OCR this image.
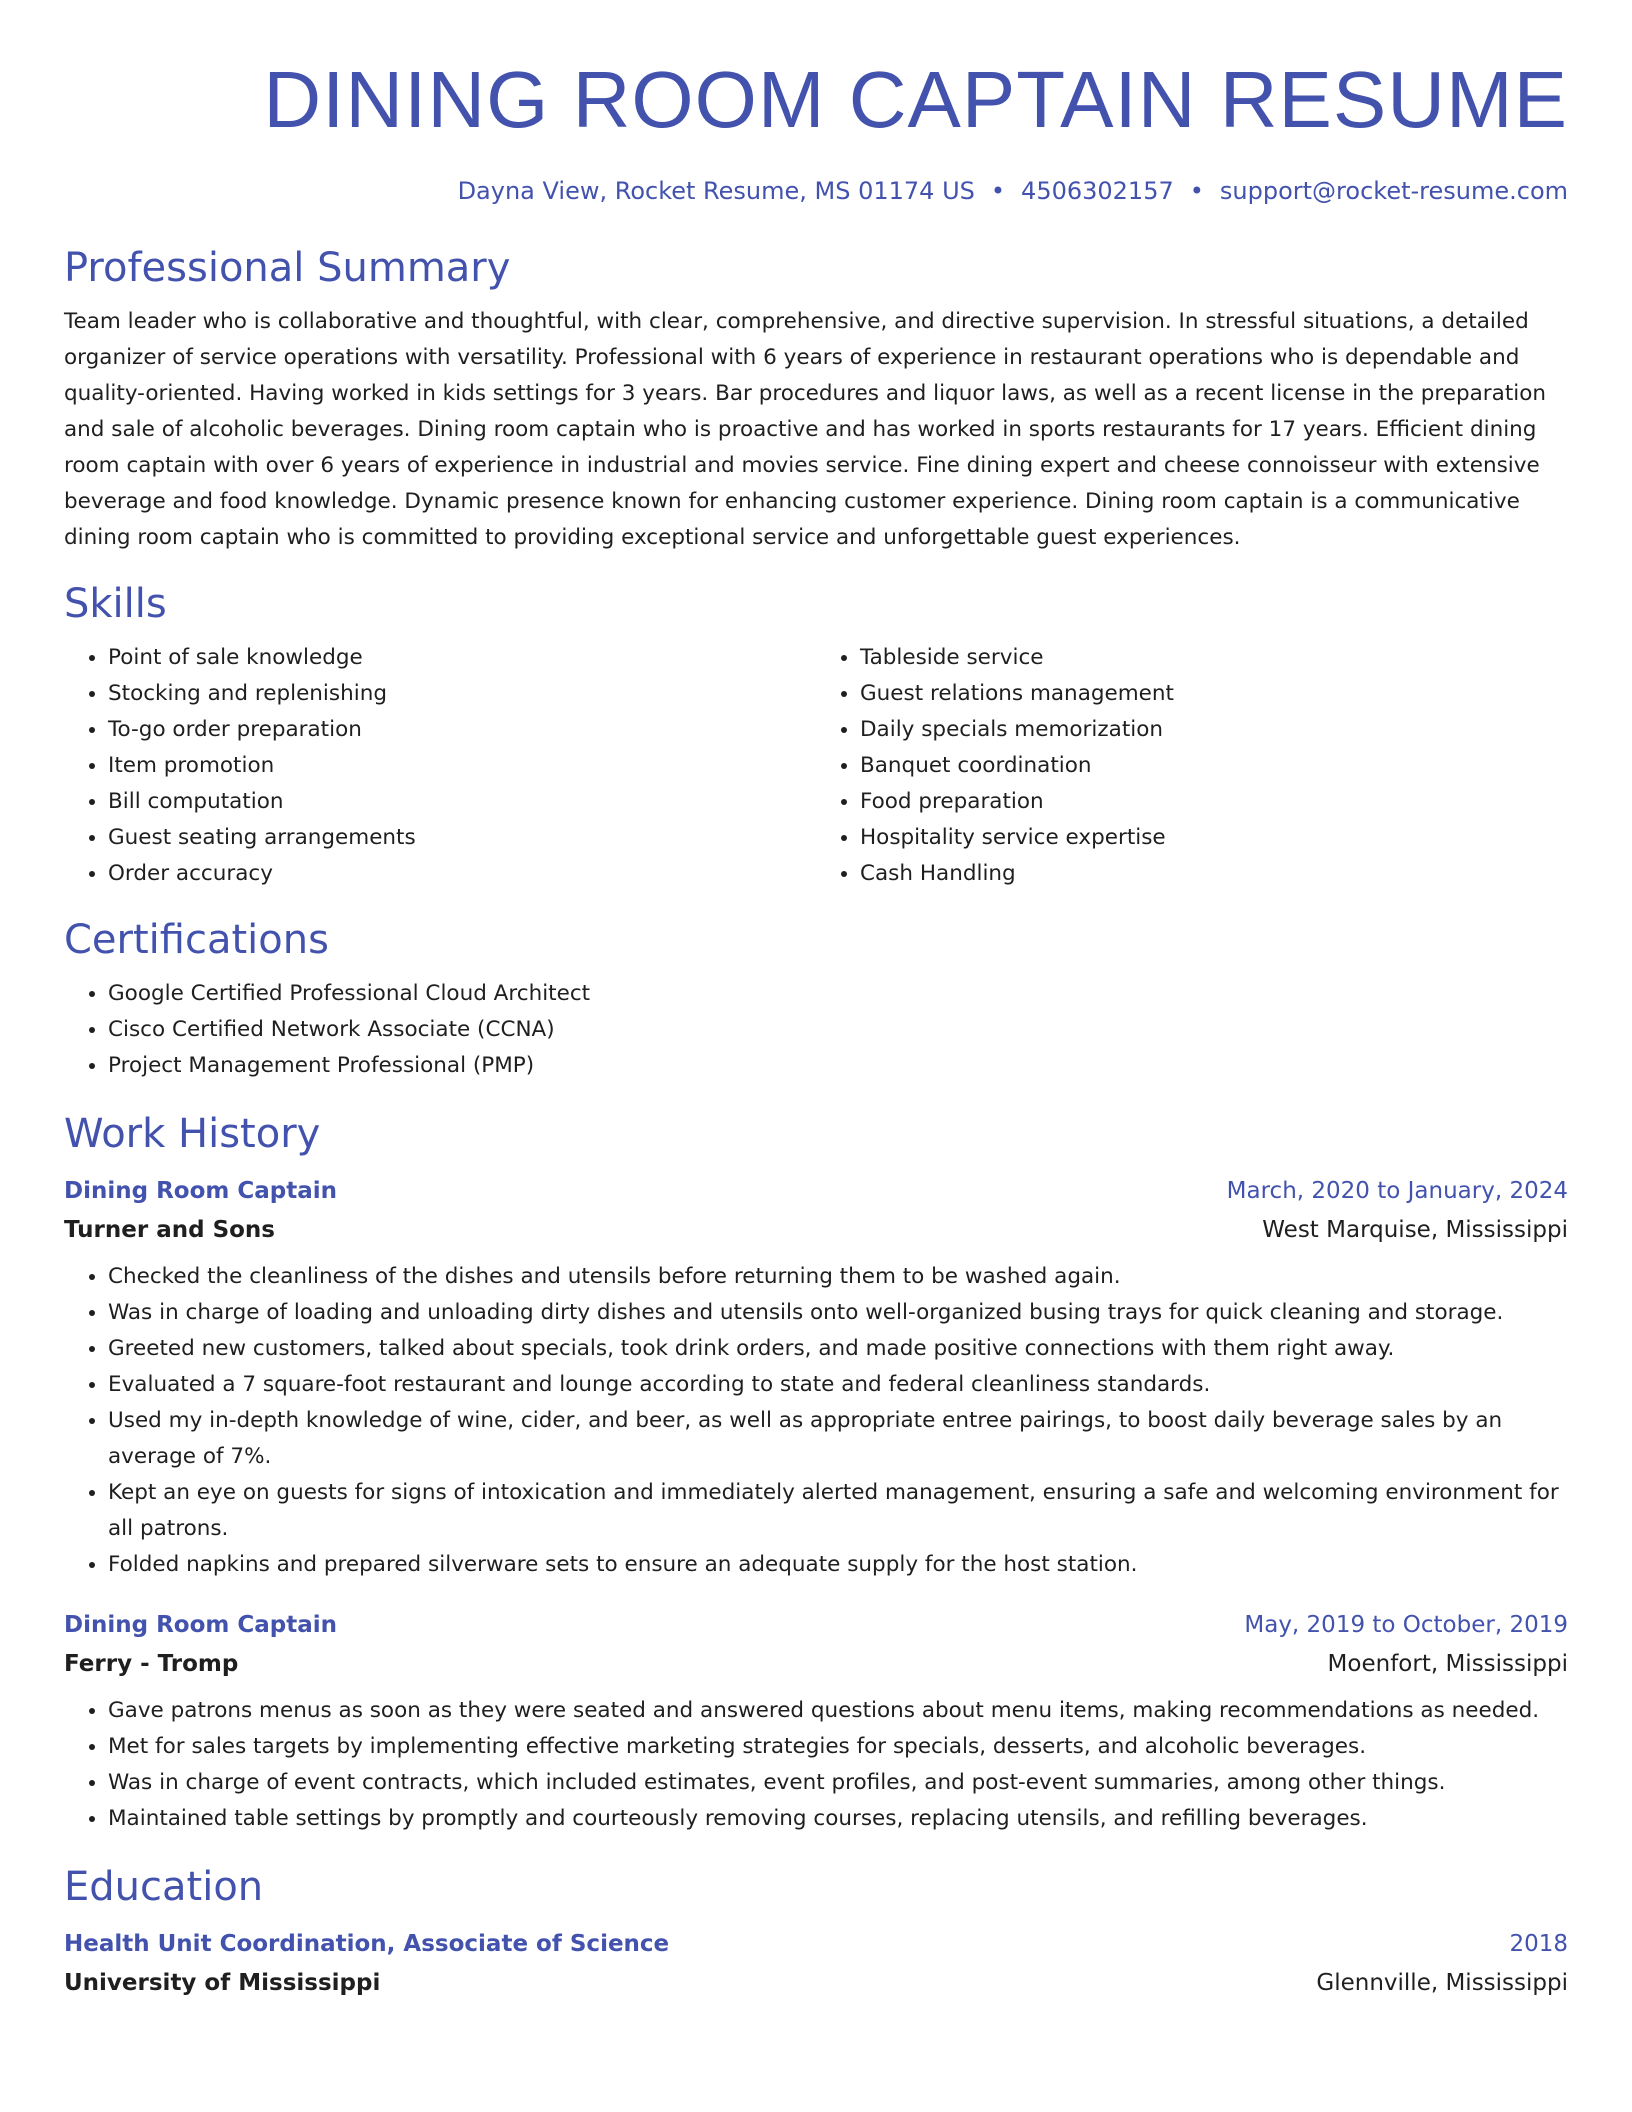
DINING ROOM CAPTAIN RESUME
Dayna View, Rocket Resume, MS 01174 US • 4506302157 • support@rocket-resume.com
Professional Summary

Team leader who is collaborative and thoughtful, with clear, comprehensive, and directive supervision. In stressful situations, a detailed organizer of service operations with versatility. Professional with 6 years of experience in restaurant operations who is dependable and quality-oriented. Having worked in kids settings for 3 years. Bar procedures and liquor laws, as well as a recent license in the preparation and sale of alcoholic beverages. Dining room captain who is proactive and has worked in sports restaurants for 17 years. Efficient dining room captain with over 6 years of experience in industrial and movies service. Fine dining expert and cheese connoisseur with extensive beverage and food knowledge. Dynamic presence known for enhancing customer experience. Dining room captain is a communicative dining room captain who is committed to providing exceptional service and unforgettable guest experiences.

Skills
• Point of sale knowledge
• Stocking and replenishing
• To-go order preparation
• Item promotion
• Bill computation
• Guest seating arrangements
• Order accuracy
• Tableside service
• Guest relations management
• Daily specials memorization
• Banquet coordination
• Food preparation
• Hospitality service expertise
• Cash Handling
Certifications
• Google Certified Professional Cloud Architect
• Cisco Certified Network Associate (CCNA)
• Project Management Professional (PMP)
Work History
Dining Room Captain	March, 2020 to January, 2024
Turner and Sons	West Marquise, Mississippi
• Checked the cleanliness of the dishes and utensils before returning them to be washed again.
• Was in charge of loading and unloading dirty dishes and utensils onto well-organized busing trays for quick cleaning and storage.
• Greeted new customers, talked about specials, took drink orders, and made positive connections with them right away.
• Evaluated a 7 square-foot restaurant and lounge according to state and federal cleanliness standards.
• Used my in-depth knowledge of wine, cider, and beer, as well as appropriate entree pairings, to boost daily beverage sales by an average of 7%.
• Kept an eye on guests for signs of intoxication and immediately alerted management, ensuring a safe and welcoming environment for all patrons.
• Folded napkins and prepared silverware sets to ensure an adequate supply for the host station.
Dining Room Captain	May, 2019 to October, 2019
Ferry - Tromp	Moenfort, Mississippi
• Gave patrons menus as soon as they were seated and answered questions about menu items, making recommendations as needed.
• Met for sales targets by implementing effective marketing strategies for specials, desserts, and alcoholic beverages.
• Was in charge of event contracts, which included estimates, event profiles, and post-event summaries, among other things.
• Maintained table settings by promptly and courteously removing courses, replacing utensils, and refilling beverages.
Education
Health Unit Coordination, Associate of Science	2018
University of Mississippi	Glennville, Mississippi
